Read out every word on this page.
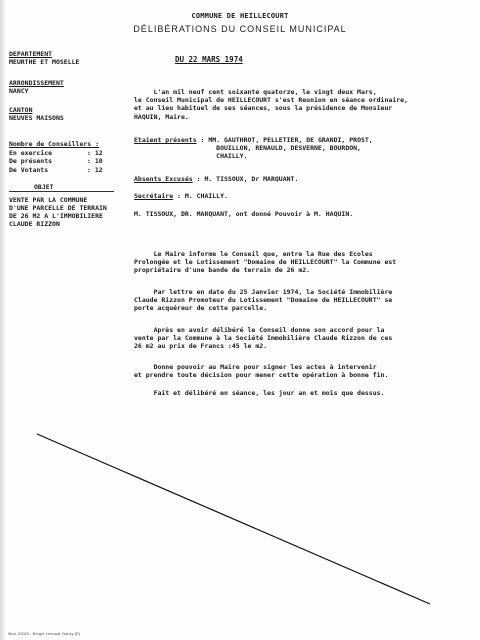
COMMUNE DE HEILLECOURT
DÉLIBÉRATIONS DU CONSEIL MUNICIPAL
DEPARTEMENT
MEURTHE ET MOSELLE
ARRONDISSEMENT
NANCY
CANTON
NEUVES MAISONS
Nombre de Conseillers :
En exercice	: 12
De présents	: 10
De Votants	: 12
OBJET
VENTE PAR LA COMMUNE
D'UNE PARCELLE DE TERRAIN
DE 26 M2 A L'IMMOBILIERE
CLAUDE RIZZON
DU 22 MARS 1974
L'an mil neuf cent soixante quatorze, le vingt deux Mars,
le Conseil Municipal de HEILLECOURT s'est Reunion en séance ordinaire,
et au lieu habituel de ses séances, sous la présidence de Monsieur
HAQUIN, Maire.
Etaient présents : MM. GAUTHROT, PELLETIER, DE GRANDI, PROST,
BOUILLON, RENAULD, DESVERNE, BOURDON,
CHAILLY.
Absents Excusés : M. TISSOUX, Dr MARQUANT.
Secrétaire : M. CHAILLY.
M. TISSOUX, DR. MARQUANT, ont donné Pouvoir à M. HAQUIN.
Le Maire informe le Conseil que, entre la Rue des Ecoles
Prolongée et le Lotissement "Domaine de HEILLECOURT" la Commune est
propriétaire d'une bande de terrain de 26 m2.
Par lettre en date du 25 Janvier 1974, la Société Immobilière
Claude Rizzon Promoteur du Lotissement "Domaine de HEILLECOURT" se
porte acquéreur de cette parcelle.
Après en avoir délibéré le Conseil donne son accord pour la
vente par la Commune à la Société Immobilière Claude Rizzon de ces
26 m2 au prix de Francs :45 le m2.
Donne pouvoir au Maire pour signer les actes à intervenir
et prendre toute décision pour mener cette opération à bonne fin.
Fait et délibéré en séance, les jour an et mois que dessus.
Mod. 20024 · Berger Levrault, Nancy (R)
